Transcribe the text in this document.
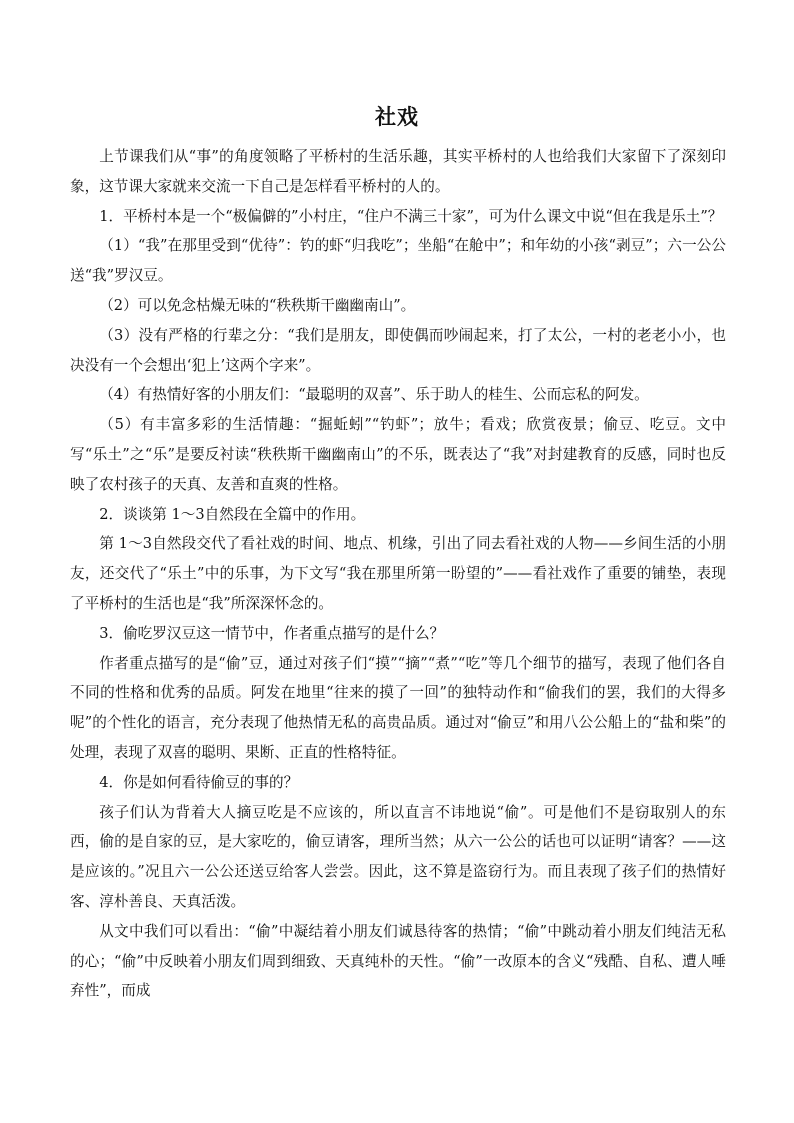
社戏

上节课我们从“事”的角度领略了平桥村的生活乐趣，其实平桥村的人也给我们大家留下了深刻印象，这节课大家就来交流一下自己是怎样看平桥村的人的。

1．平桥村本是一个“极偏僻的”小村庄，“住户不满三十家”，可为什么课文中说“但在我是乐土”？

（1）“我”在那里受到“优待”：钓的虾“归我吃”；坐船“在舱中”；和年幼的小孩“剥豆”；六一公公送“我”罗汉豆。

（2）可以免念枯燥无味的“秩秩斯干幽幽南山”。

（3）没有严格的行辈之分：“我们是朋友，即使偶而吵闹起来，打了太公，一村的老老小小，也决没有一个会想出‘犯上’这两个字来”。

（4）有热情好客的小朋友们：“最聪明的双喜”、乐于助人的桂生、公而忘私的阿发。

（5）有丰富多彩的生活情趣：“掘蚯蚓”“钓虾”；放牛；看戏；欣赏夜景；偷豆、吃豆。文中写“乐土”之“乐”是要反衬读“秩秩斯干幽幽南山”的不乐，既表达了“我”对封建教育的反感，同时也反映了农村孩子的天真、友善和直爽的性格。

2．谈谈第 1～3自然段在全篇中的作用。

第 1～3自然段交代了看社戏的时间、地点、机缘，引出了同去看社戏的人物——乡间生活的小朋友，还交代了“乐土”中的乐事，为下文写“我在那里所第一盼望的”——看社戏作了重要的铺垫，表现了平桥村的生活也是“我”所深深怀念的。

3．偷吃罗汉豆这一情节中，作者重点描写的是什么？

作者重点描写的是“偷”豆，通过对孩子们“摸”“摘”“煮”“吃”等几个细节的描写，表现了他们各自不同的性格和优秀的品质。阿发在地里“往来的摸了一回”的独特动作和“偷我们的罢，我们的大得多呢”的个性化的语言，充分表现了他热情无私的高贵品质。通过对“偷豆”和用八公公船上的“盐和柴”的处理，表现了双喜的聪明、果断、正直的性格特征。

4．你是如何看待偷豆的事的？

孩子们认为背着大人摘豆吃是不应该的，所以直言不讳地说“偷”。可是他们不是窃取别人的东西，偷的是自家的豆，是大家吃的，偷豆请客，理所当然；从六一公公的话也可以证明“请客？——这是应该的。”况且六一公公还送豆给客人尝尝。因此，这不算是盗窃行为。而且表现了孩子们的热情好客、淳朴善良、天真活泼。

从文中我们可以看出：“偷”中凝结着小朋友们诚恳待客的热情；“偷”中跳动着小朋友们纯洁无私的心；“偷”中反映着小朋友们周到细致、天真纯朴的天性。“偷”一改原本的含义“残酷、自私、遭人唾弃性”，而成
